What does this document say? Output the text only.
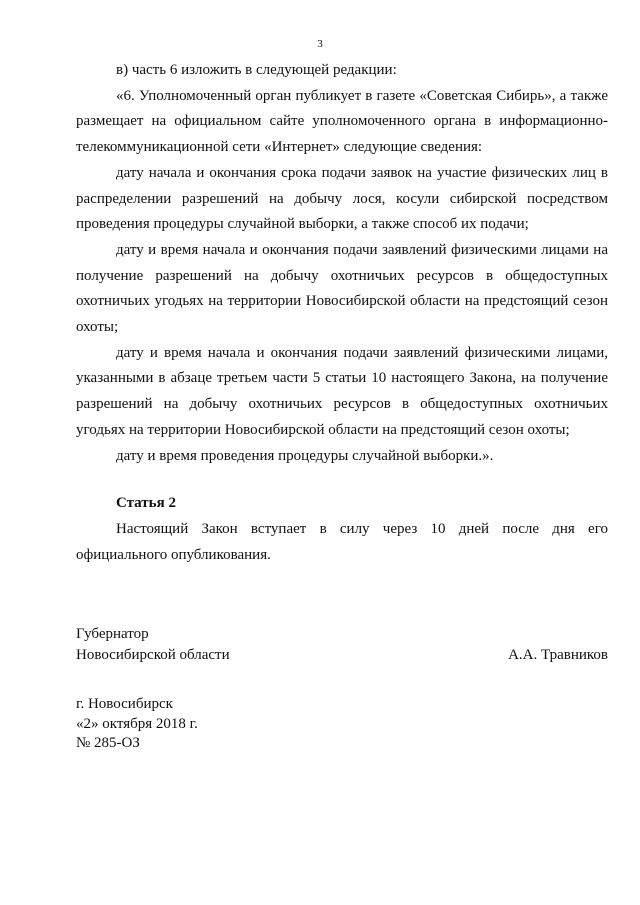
3

в) часть 6 изложить в следующей редакции:

«6. Уполномоченный орган публикует в газете «Советская Сибирь», а также размещает на официальном сайте уполномоченного органа в информационно-телекоммуникационной сети «Интернет» следующие сведения:

дату начала и окончания срока подачи заявок на участие физических лиц в распределении разрешений на добычу лося, косули сибирской посредством проведения процедуры случайной выборки, а также способ их подачи;

дату и время начала и окончания подачи заявлений физическими лицами на получение разрешений на добычу охотничьих ресурсов в общедоступных охотничьих угодьях на территории Новосибирской области на предстоящий сезон охоты;

дату и время начала и окончания подачи заявлений физическими лицами, указанными в абзаце третьем части 5 статьи 10 настоящего Закона, на получение разрешений на добычу охотничьих ресурсов в общедоступных охотничьих угодьях на территории Новосибирской области на предстоящий сезон охоты;

дату и время проведения процедуры случайной выборки.».

Статья 2

Настоящий Закон вступает в силу через 10 дней после дня его официального опубликования.

Губернатор
Новосибирской области	А.А. Травников
г. Новосибирск
«2» октября 2018 г.
№ 285-ОЗ
